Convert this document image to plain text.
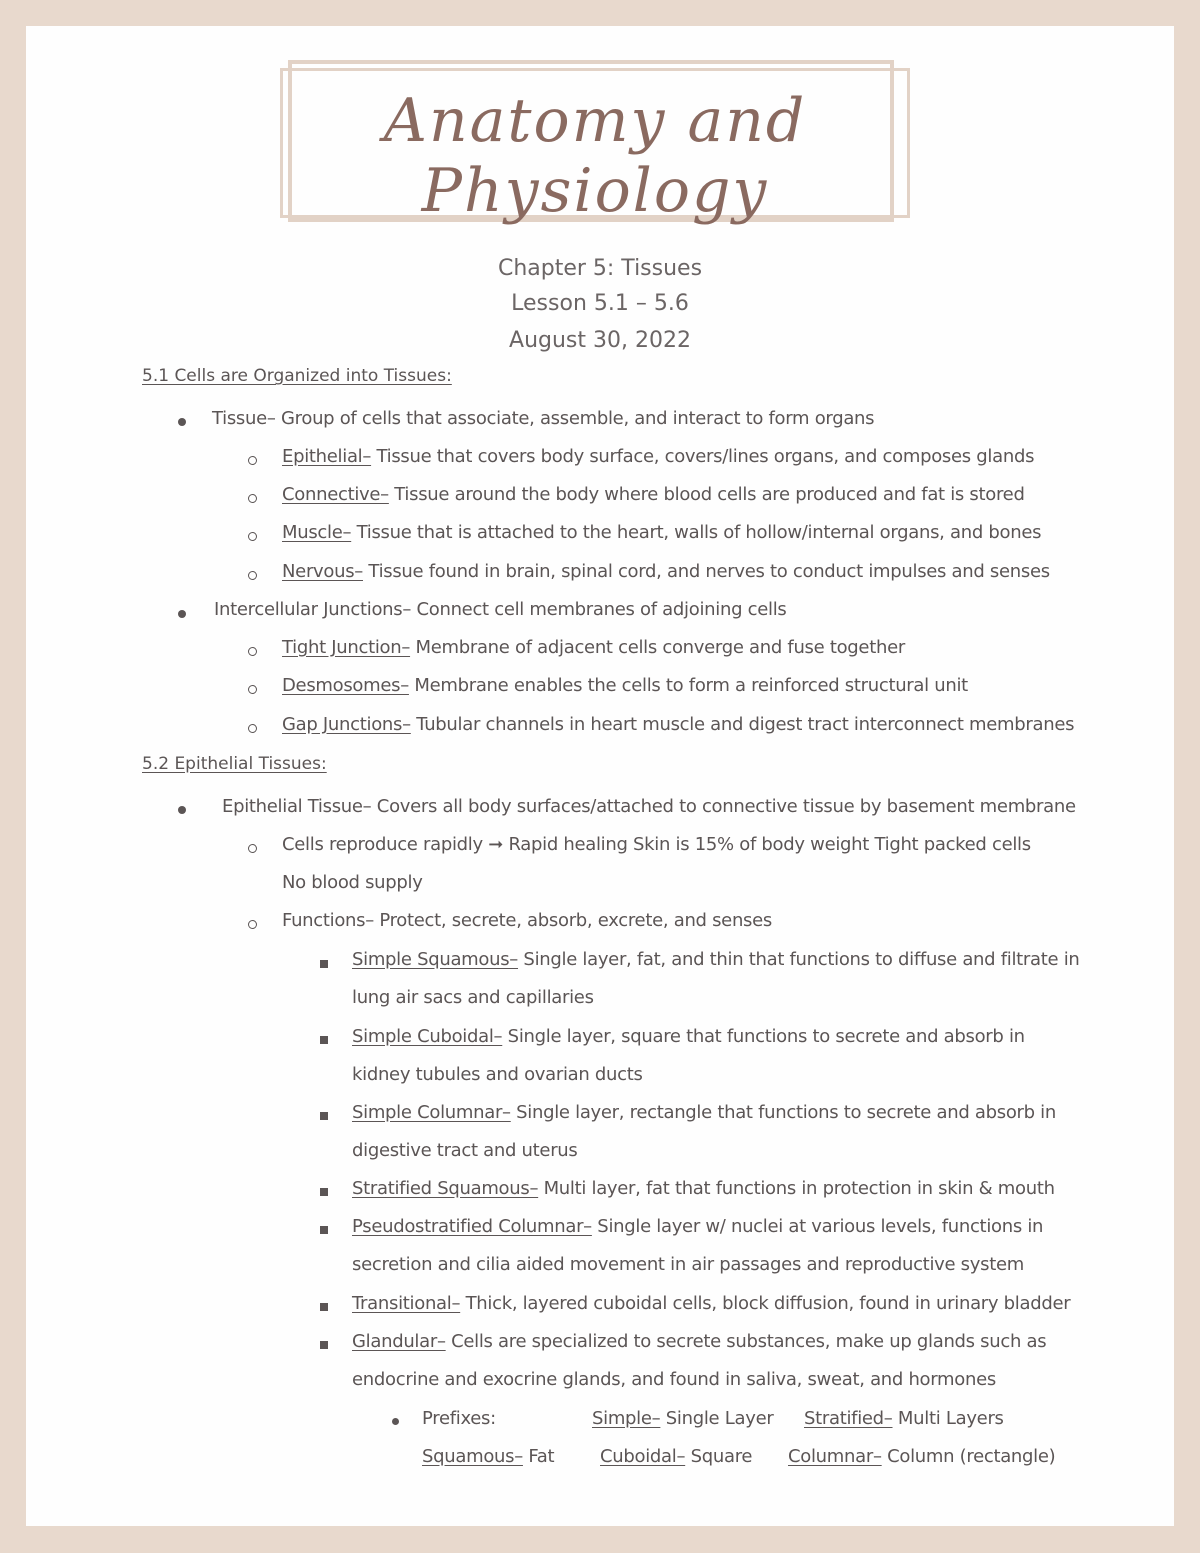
Anatomy and Physiology
Chapter 5: Tissues
Lesson 5.1 – 5.6
August 30, 2022
5.1 Cells are Organized into Tissues:
Tissue– Group of cells that associate, assemble, and interact to form organs
Epithelial– Tissue that covers body surface, covers/lines organs, and composes glands
Connective– Tissue around the body where blood cells are produced and fat is stored
Muscle– Tissue that is attached to the heart, walls of hollow/internal organs, and bones
Nervous– Tissue found in brain, spinal cord, and nerves to conduct impulses and senses
Intercellular Junctions– Connect cell membranes of adjoining cells
Tight Junction– Membrane of adjacent cells converge and fuse together
Desmosomes– Membrane enables the cells to form a reinforced structural unit
Gap Junctions– Tubular channels in heart muscle and digest tract interconnect membranes
5.2 Epithelial Tissues:
Epithelial Tissue– Covers all body surfaces/attached to connective tissue by basement membrane
Cells reproduce rapidly ➞ Rapid healing Skin is 15% of body weight Tight packed cells
No blood supply
Functions– Protect, secrete, absorb, excrete, and senses
Simple Squamous– Single layer, fat, and thin that functions to diffuse and filtrate in
lung air sacs and capillaries
Simple Cuboidal– Single layer, square that functions to secrete and absorb in
kidney tubules and ovarian ducts
Simple Columnar– Single layer, rectangle that functions to secrete and absorb in
digestive tract and uterus
Stratified Squamous– Multi layer, fat that functions in protection in skin & mouth
Pseudostratified Columnar– Single layer w/ nuclei at various levels, functions in
secretion and cilia aided movement in air passages and reproductive system
Transitional– Thick, layered cuboidal cells, block diffusion, found in urinary bladder
Glandular– Cells are specialized to secrete substances, make up glands such as
endocrine and exocrine glands, and found in saliva, sweat, and hormones
Prefixes:	Simple– Single Layer Stratified– Multi Layers
Squamous– Fat	Cuboidal– Square Columnar– Column (rectangle)
